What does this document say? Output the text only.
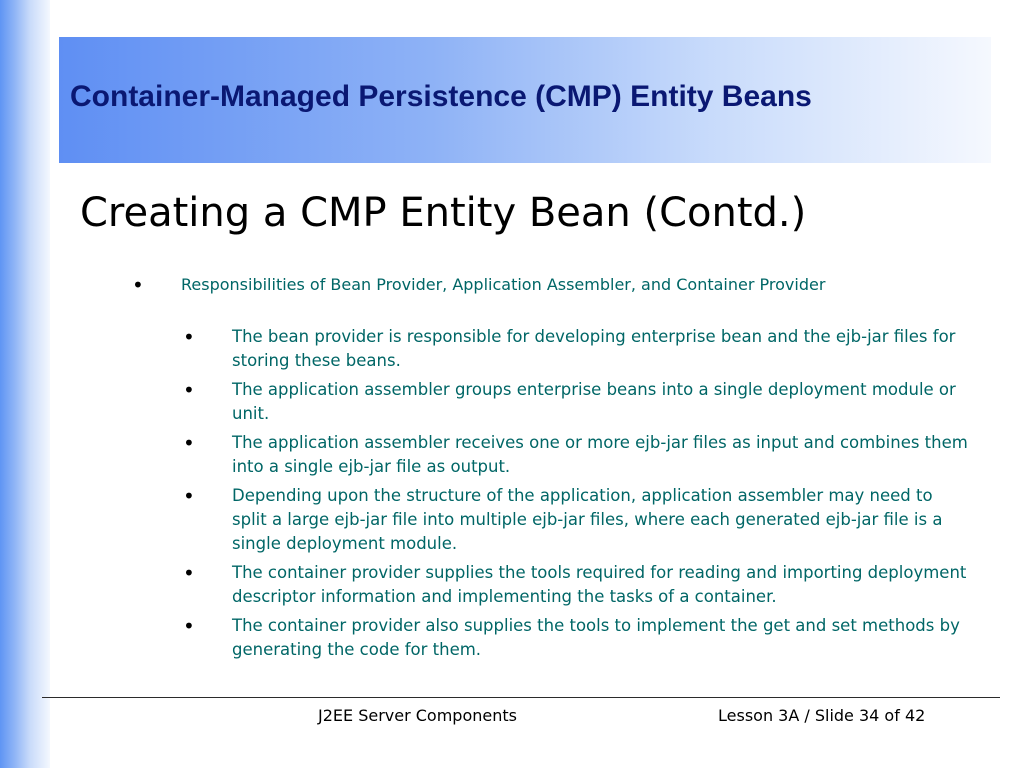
Container-Managed Persistence (CMP) Entity Beans
Creating a CMP Entity Bean (Contd.)
• Responsibilities of Bean Provider, Application Assembler, and Container Provider
• The bean provider is responsible for developing enterprise bean and the ejb-jar files for storing these beans.
• The application assembler groups enterprise beans into a single deployment module or unit.
• The application assembler receives one or more ejb-jar files as input and combines them into a single ejb-jar file as output.
• Depending upon the structure of the application, application assembler may need to split a large ejb-jar file into multiple ejb-jar files, where each generated ejb-jar file is a single deployment module.
• The container provider supplies the tools required for reading and importing deployment descriptor information and implementing the tasks of a container.
• The container provider also supplies the tools to implement the get and set methods by generating the code for them.
J2EE Server Components	Lesson 3A / Slide 34 of 42
